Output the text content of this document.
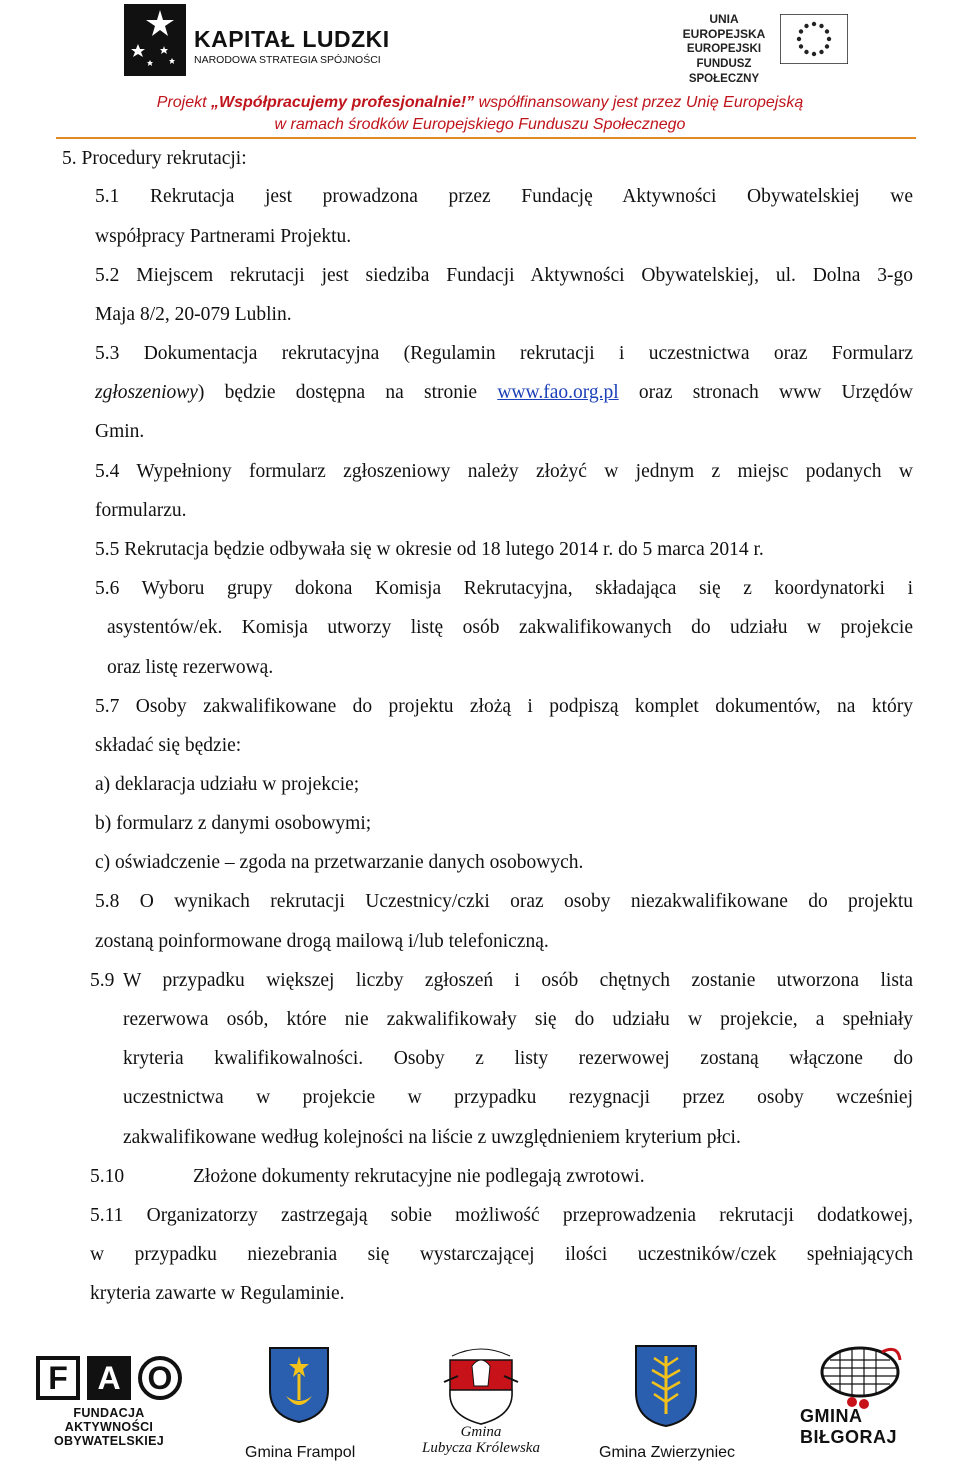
KAPITAŁ LUDZKI
NARODOWA STRATEGIA SPÓJNOŚCI
UNIA EUROPEJSKA
EUROPEJSKI
FUNDUSZ SPOŁECZNY
Projekt „Współpracujemy profesjonalnie!” współfinansowany jest przez Unię Europejską
w ramach środków Europejskiego Funduszu Społecznego
5. Procedury rekrutacji:
5.1 Rekrutacja jest prowadzona przez Fundację Aktywności Obywatelskiej we
współpracy Partnerami Projektu.
5.2 Miejscem rekrutacji jest siedziba Fundacji Aktywności Obywatelskiej, ul. Dolna 3-go
Maja 8/2, 20-079 Lublin.
5.3 Dokumentacja rekrutacyjna (Regulamin rekrutacji i uczestnictwa oraz Formularz
zgłoszeniowy) będzie dostępna na stronie www.fao.org.pl oraz stronach www Urzędów
Gmin.
5.4 Wypełniony formularz zgłoszeniowy należy złożyć w jednym z miejsc podanych w
formularzu.
5.5 Rekrutacja będzie odbywała się w okresie od 18 lutego 2014 r. do 5 marca 2014 r.
5.6 Wyboru grupy dokona Komisja Rekrutacyjna, składająca się z koordynatorki i
asystentów/ek. Komisja utworzy listę osób zakwalifikowanych do udziału w projekcie
oraz listę rezerwową.
5.7 Osoby zakwalifikowane do projektu złożą i podpiszą komplet dokumentów, na który
składać się będzie:
a) deklaracja udziału w projekcie;
b) formularz z danymi osobowymi;
c) oświadczenie – zgoda na przetwarzanie danych osobowych.
5.8 O wynikach rekrutacji Uczestnicy/czki oraz osoby niezakwalifikowane do projektu
zostaną poinformowane drogą mailową i/lub telefoniczną.
5.9 W przypadku większej liczby zgłoszeń i osób chętnych zostanie utworzona lista
rezerwowa osób, które nie zakwalifikowały się do udziału w projekcie, a spełniały
kryteria kwalifikowalności. Osoby z listy rezerwowej zostaną włączone do
uczestnictwa w projekcie w przypadku rezygnacji przez osoby wcześniej
zakwalifikowane według kolejności na liście z uwzględnieniem kryterium płci.
5.10	Złożone dokumenty rekrutacyjne nie podlegają zwrotowi.
5.11 Organizatorzy zastrzegają sobie możliwość przeprowadzenia rekrutacji dodatkowej,
w przypadku niezebrania się wystarczającej ilości uczestników/czek spełniających
kryteria zawarte w Regulaminie.
F A O
FUNDACJA AKTYWNOŚCI
OBYWATELSKIEJ
Gmina Frampol
Gmina
Lubycza Królewska	Gmina Zwierzyniec
GMINA BIŁGORAJ
